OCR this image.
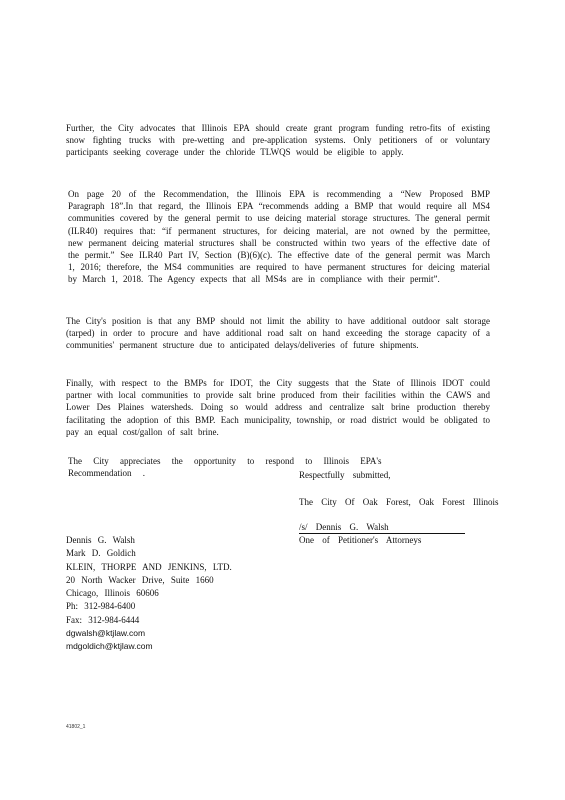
Further, the City advocates that Illinois EPA should create grant program funding retro-fits of existing snow fighting trucks with pre-wetting and pre-application systems. Only petitioners of or voluntary participants seeking coverage under the chloride TLWQS would be eligible to apply.

On page 20 of the Recommendation, the Illinois EPA is recommending a “New Proposed BMP Paragraph 18”.In that regard, the Illinois EPA “recommends adding a BMP that would require all MS4 communities covered by the general permit to use deicing material storage structures. The general permit (ILR40) requires that: “if permanent structures, for deicing material, are not owned by the permittee, new permanent deicing material structures shall be constructed within two years of the effective date of the permit.” See ILR40 Part IV, Section (B)(6)(c). The effective date of the general permit was March 1, 2016; therefore, the MS4 communities are required to have permanent structures for deicing material by March 1, 2018. The Agency expects that all MS4s are in compliance with their permit”.

The City's position is that any BMP should not limit the ability to have additional outdoor salt storage (tarped) in order to procure and have additional road salt on hand exceeding the storage capacity of a communities' permanent structure due to anticipated delays/deliveries of future shipments.

Finally, with respect to the BMPs for IDOT, the City suggests that the State of Illinois IDOT could partner with local communities to provide salt brine produced from their facilities within the CAWS and Lower Des Plaines watersheds. Doing so would address and centralize salt brine production thereby facilitating the adoption of this BMP. Each municipality, township, or road district would be obligated to pay an equal cost/gallon of salt brine.

The City appreciates the opportunity to respond to Illinois EPA's Recommendation .	Respectfully submitted,
The City Of Oak Forest, Oak Forest Illinois
/s/ Dennis G. Walsh
One of Petitioner's Attorneys
Dennis G. Walsh
Mark D. Goldich
KLEIN, THORPE AND JENKINS, LTD.
20 North Wacker Drive, Suite 1660
Chicago, Illinois 60606
Ph: 312-984-6400
Fax: 312-984-6444
dgwalsh@ktjlaw.com
mdgoldich@ktjlaw.com
41802_1
